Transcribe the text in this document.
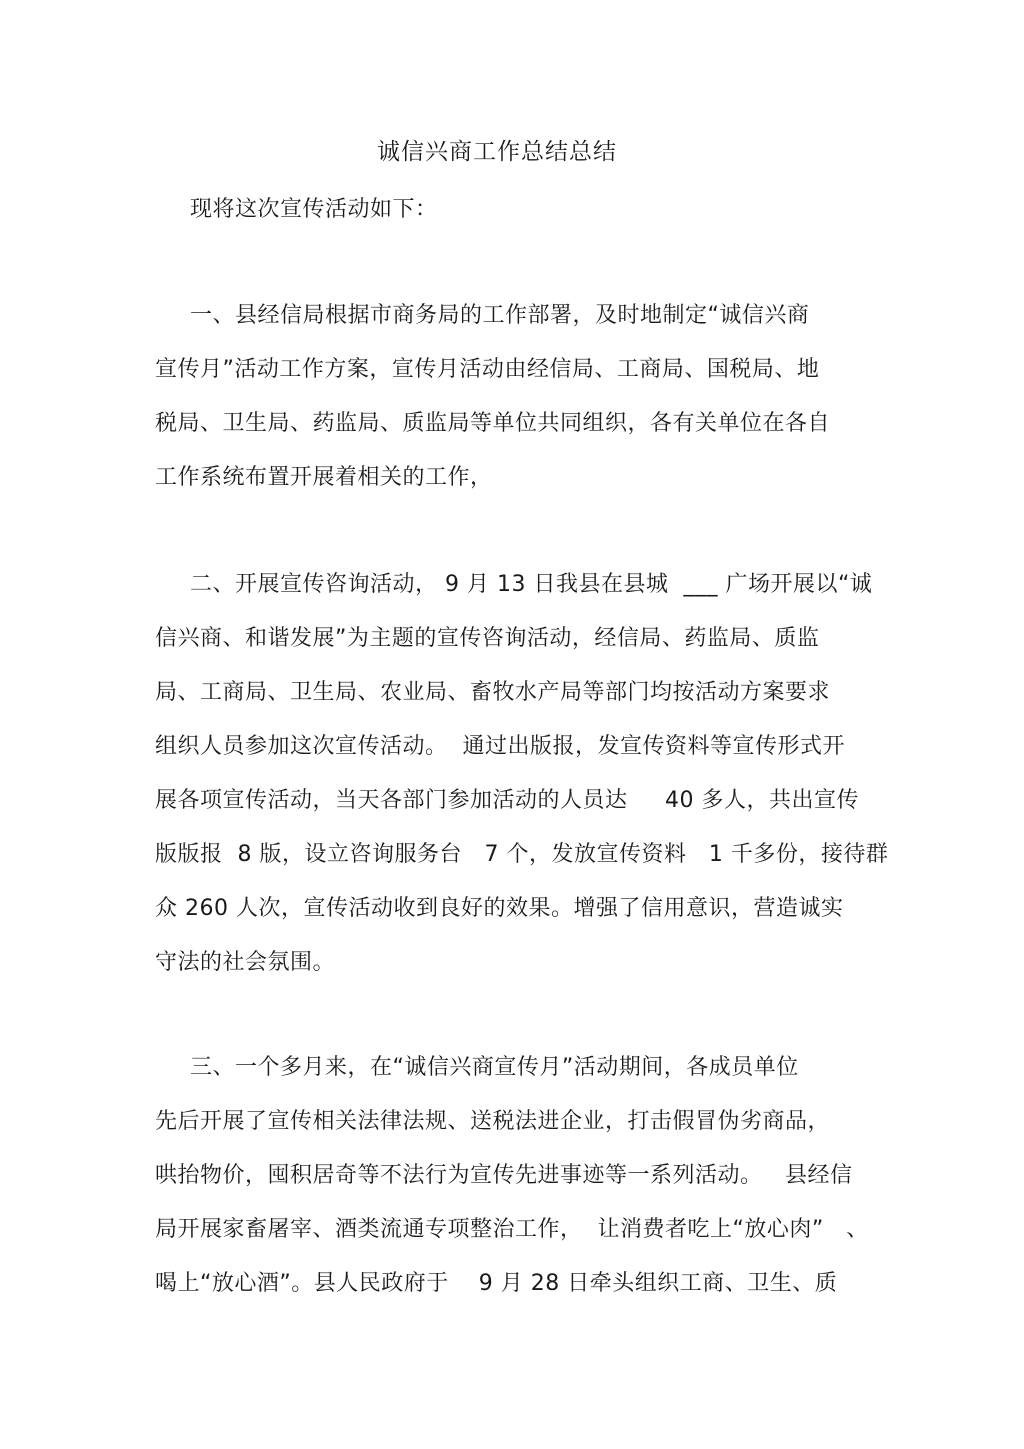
诚信兴商工作总结总结
现将这次宣传活动如下：
一、县经信局根据市商务局的工作部署，及时地制定“诚信兴商
宣传月”活动工作方案，宣传月活动由经信局、工商局、国税局、地
税局、卫生局、药监局、质监局等单位共同组织，各有关单位在各自
工作系统布置开展着相关的工作，
二、开展宣传咨询活动， 9 月 13 日我县在县城  ___ 广场开展以“诚
信兴商、和谐发展”为主题的宣传咨询活动，经信局、药监局、质监
局、工商局、卫生局、农业局、畜牧水产局等部门均按活动方案要求
组织人员参加这次宣传活动。  通过出版报，发宣传资料等宣传形式开
展各项宣传活动，当天各部门参加活动的人员达     40 多人，共出宣传
版版报  8 版，设立咨询服务台   7 个，发放宣传资料   1 千多份，接待群
众 260 人次，宣传活动收到良好的效果。增强了信用意识，营造诚实
守法的社会氛围。
三、一个多月来，在“诚信兴商宣传月”活动期间，各成员单位
先后开展了宣传相关法律法规、送税法进企业，打击假冒伪劣商品，
哄抬物价，囤积居奇等不法行为宣传先进事迹等一系列活动。   县经信
局开展家畜屠宰、酒类流通专项整治工作，  让消费者吃上“放心肉”   、
喝上“放心酒”。县人民政府于    9 月 28 日牵头组织工商、卫生、质
